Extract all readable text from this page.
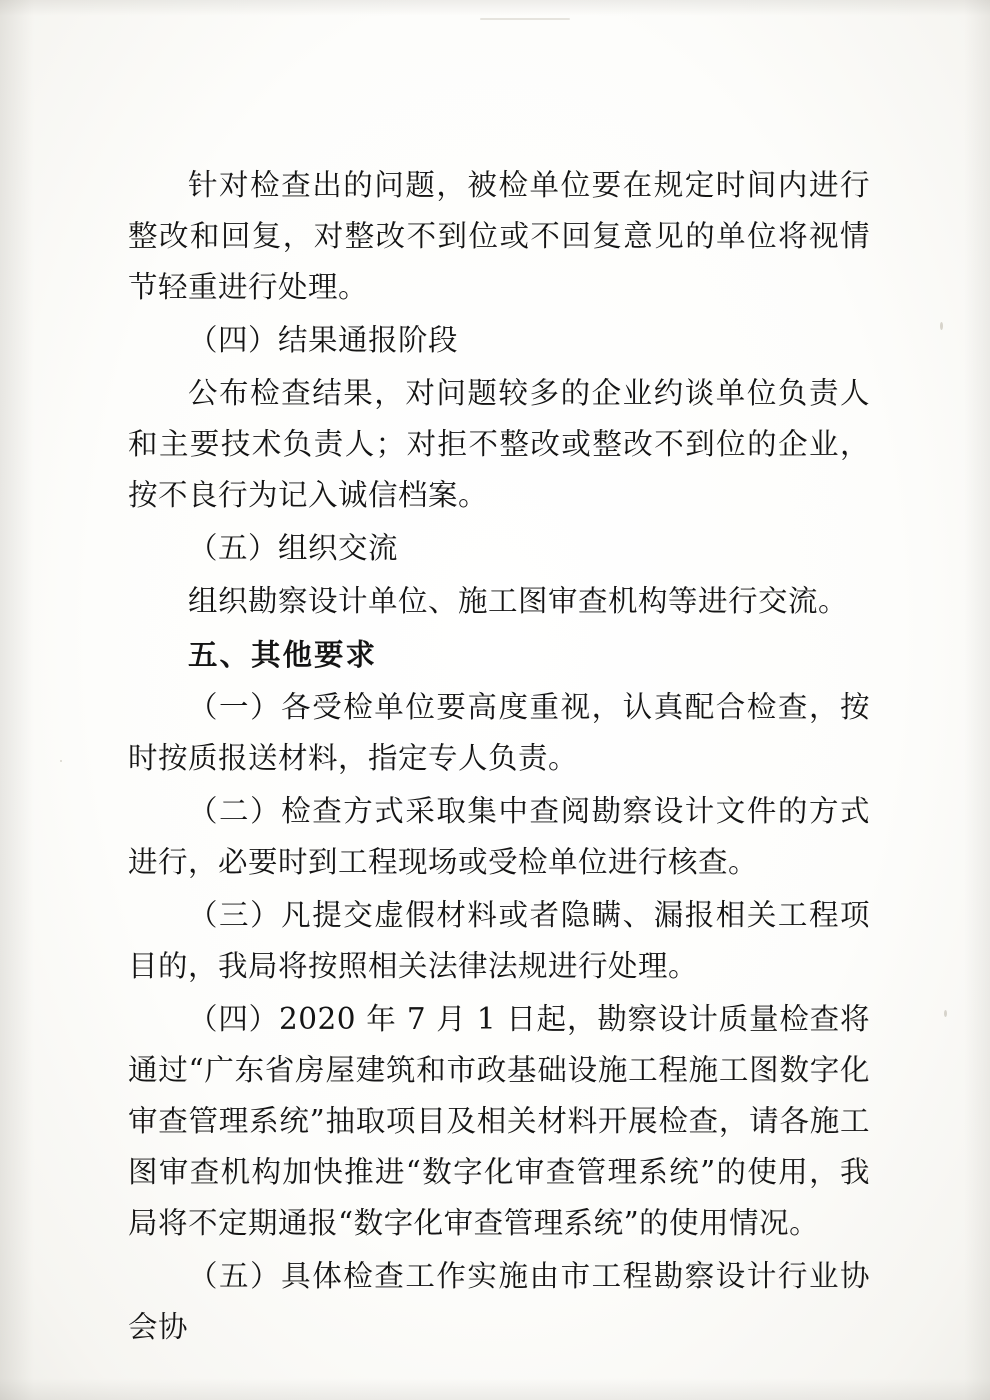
针对检查出的问题，被检单位要在规定时间内进行整改和回复，对整改不到位或不回复意见的单位将视情节轻重进行处理。

（四）结果通报阶段

公布检查结果，对问题较多的企业约谈单位负责人和主要技术负责人；对拒不整改或整改不到位的企业，按不良行为记入诚信档案。

（五）组织交流

组织勘察设计单位、施工图审查机构等进行交流。

五、其他要求

（一）各受检单位要高度重视，认真配合检查，按时按质报送材料，指定专人负责。

（二）检查方式采取集中查阅勘察设计文件的方式进行，必要时到工程现场或受检单位进行核查。

（三）凡提交虚假材料或者隐瞒、漏报相关工程项目的，我局将按照相关法律法规进行处理。

（四）2020 年 7 月 1 日起，勘察设计质量检查将通过“广东省房屋建筑和市政基础设施工程施工图数字化审查管理系统”抽取项目及相关材料开展检查，请各施工图审查机构加快推进“数字化审查管理系统”的使用，我局将不定期通报“数字化审查管理系统”的使用情况。

（五）具体检查工作实施由市工程勘察设计行业协会协
